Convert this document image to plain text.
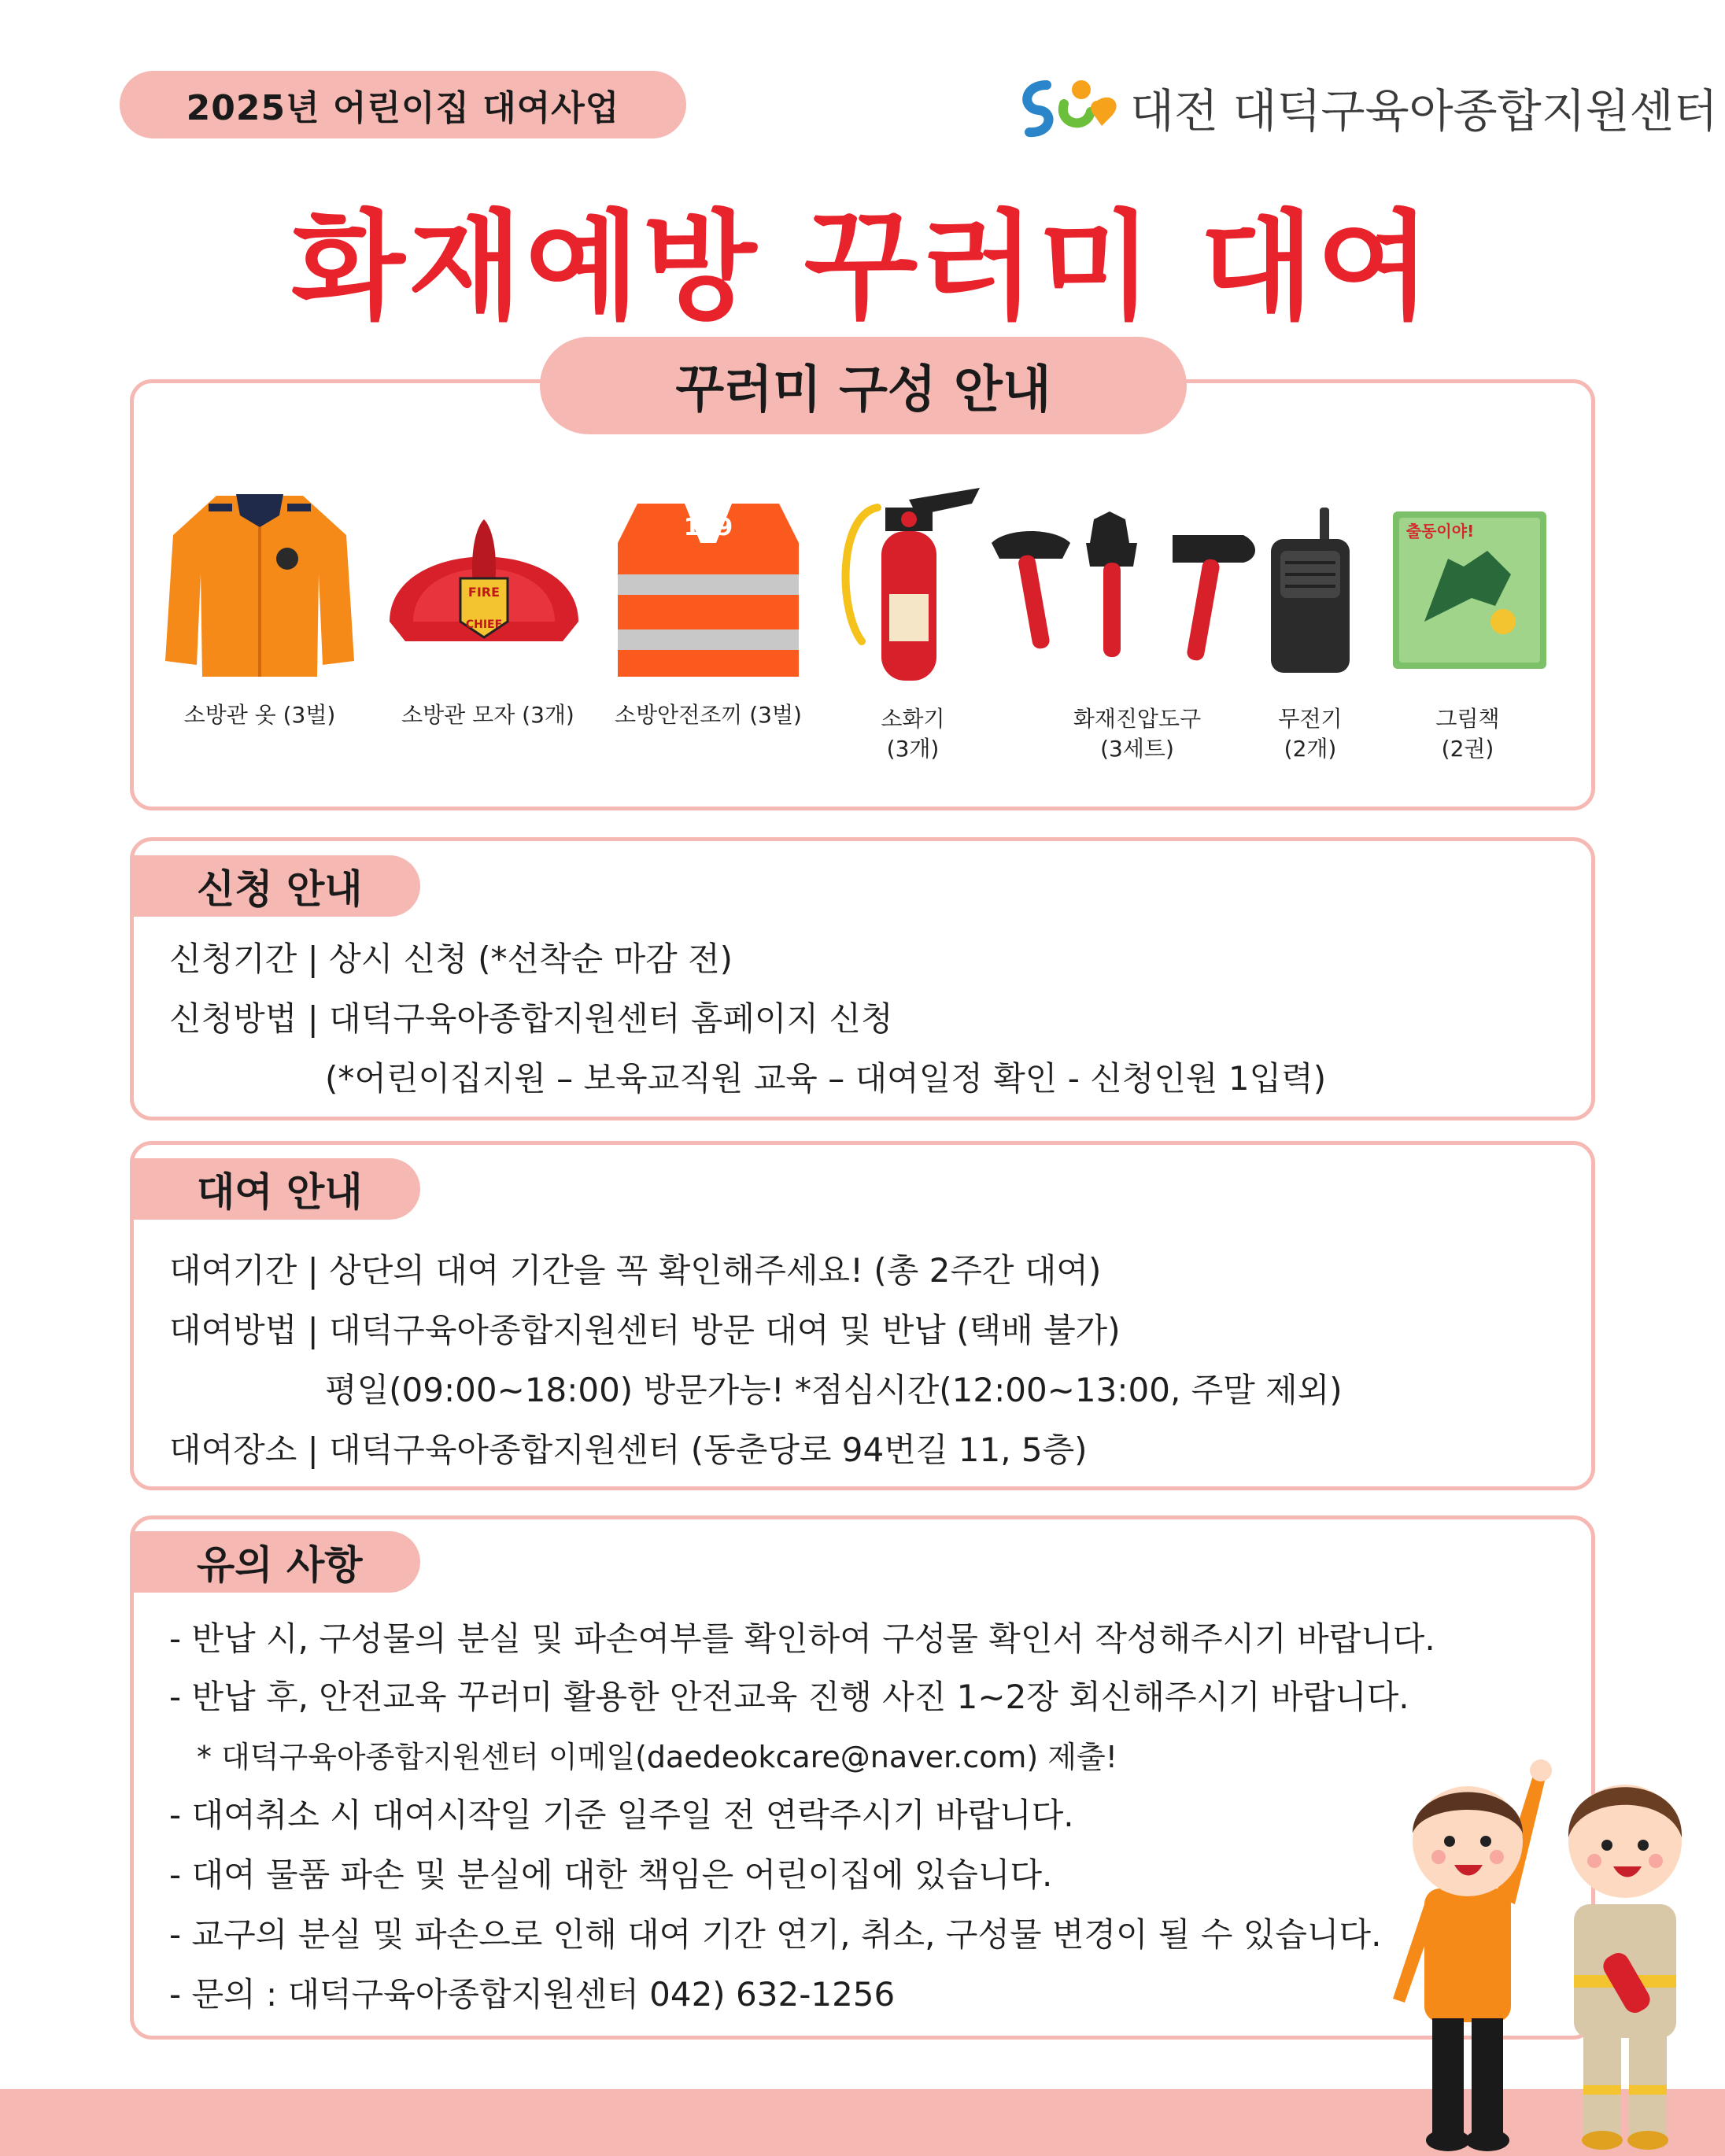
2025년 어린이집 대여사업	대전 대덕구육아종합지원센터
화재예방 꾸러미 대여
꾸러미 구성 안내
소방관 옷 (3벌)
FIRE
CHIEF
소방관 모자 (3개)
119
소방안전조끼 (3벌)	소화기
(3개)
화재진압도구
(3세트)
무전기
(2개)
출동이야!
그림책
(2권)
신청 안내
신청기간 | 상시 신청 (*선착순 마감 전)
신청방법 | 대덕구육아종합지원센터 홈페이지 신청
(*어린이집지원 – 보육교직원 교육 – 대여일정 확인 - 신청인원 1입력)
대여 안내
대여기간 | 상단의 대여 기간을 꼭 확인해주세요! (총 2주간 대여)
대여방법 | 대덕구육아종합지원센터 방문 대여 및 반납 (택배 불가)
평일(09:00~18:00) 방문가능! *점심시간(12:00~13:00, 주말 제외)
대여장소 | 대덕구육아종합지원센터 (동춘당로 94번길 11, 5층)
유의 사항
- 반납 시, 구성물의 분실 및 파손여부를 확인하여 구성물 확인서 작성해주시기 바랍니다.
- 반납 후, 안전교육 꾸러미 활용한 안전교육 진행 사진 1~2장 회신해주시기 바랍니다.
* 대덕구육아종합지원센터 이메일(daedeokcare@naver.com) 제출!
- 대여취소 시 대여시작일 기준 일주일 전 연락주시기 바랍니다.
- 대여 물품 파손 및 분실에 대한 책임은 어린이집에 있습니다.
- 교구의 분실 및 파손으로 인해 대여 기간 연기, 취소, 구성물 변경이 될 수 있습니다.
- 문의 : 대덕구육아종합지원센터 042) 632-1256
